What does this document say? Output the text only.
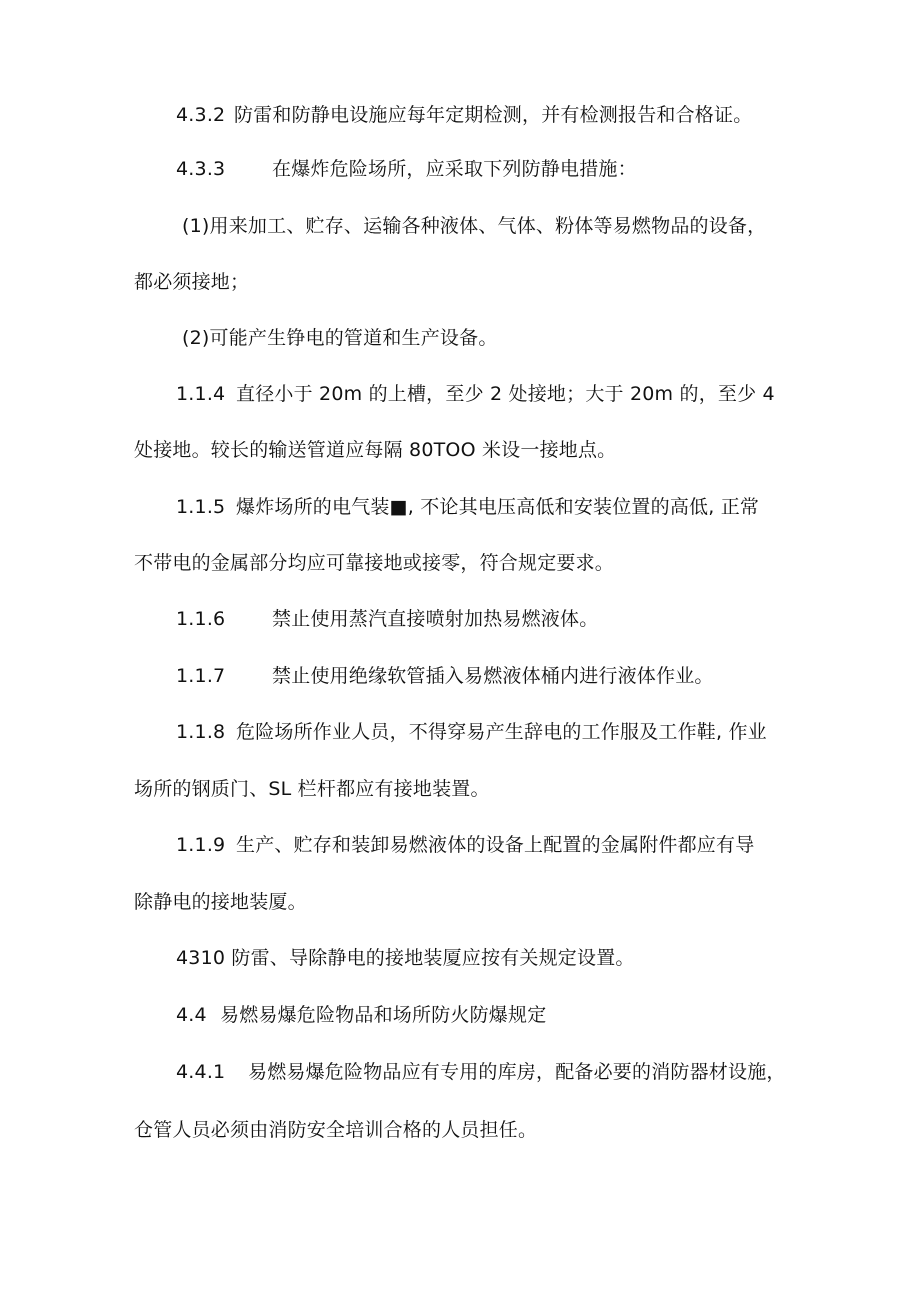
4.3.2 防雷和防静电设施应每年定期检测，并有检测报告和合格证。
4.3.3 在爆炸危险场所，应采取下列防静电措施：
(1)用来加工、贮存、运输各种液体、气体、粉体等易燃物品的设备，
都必须接地；
(2)可能产生铮电的管道和生产设备。
1.1.4 直径小于 20m 的上槽，至少 2 处接地；大于 20m 的，至少 4
处接地。较长的输送管道应每隔 80TOO 米设一接地点。
1.1.5 爆炸场所的电气装■, 不论其电压高低和安装位置的高低, 正常
不带电的金属部分均应可靠接地或接零，符合规定要求。
1.1.6 禁止使用蒸汽直接喷射加热易燃液体。
1.1.7 禁止使用绝缘软管插入易燃液体桶内进行液体作业。
1.1.8 危险场所作业人员，不得穿易产生辞电的工作服及工作鞋, 作业
场所的钢质门、SL 栏杆都应有接地装置。
1.1.9 生产、贮存和装卸易燃液体的设备上配置的金属附件都应有导
除静电的接地装厦。
4310 防雷、导除静电的接地装厦应按有关规定设置。
4.4 易燃易爆危险物品和场所防火防爆规定
4.4.1 易燃易爆危险物品应有专用的库房，配备必要的消防器材设施，
仓管人员必须由消防安全培训合格的人员担任。
